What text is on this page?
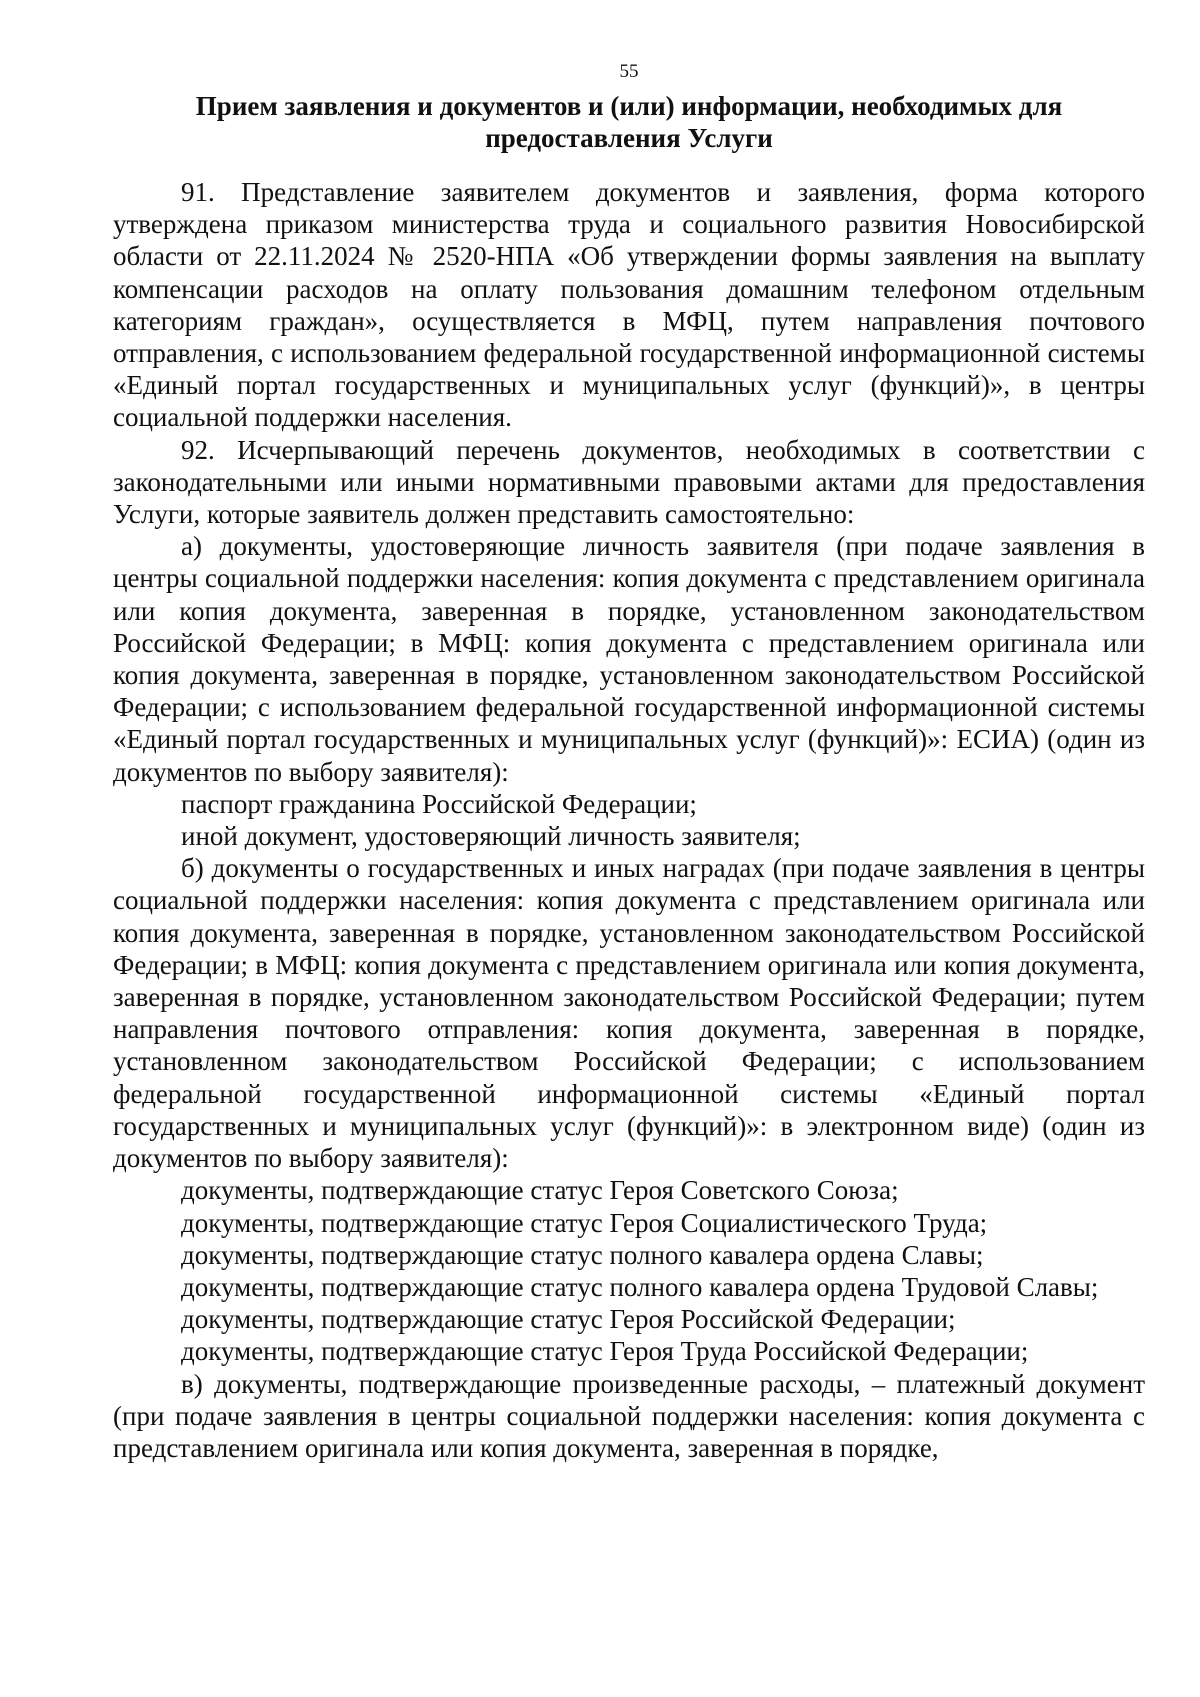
55
Прием заявления и документов и (или) информации, необходимых для
предоставления Услуги

91. Представление заявителем документов и заявления, форма которого утверждена приказом министерства труда и социального развития Новосибирской области от 22.11.2024 № 2520-НПА «Об утверждении формы заявления на выплату компенсации расходов на оплату пользования домашним телефоном отдельным категориям граждан», осуществляется в МФЦ, путем направления почтового отправления, с использованием федеральной государственной информационной системы «Единый портал государственных и муниципальных услуг (функций)», в центры социальной поддержки населения.

92. Исчерпывающий перечень документов, необходимых в соответствии с законодательными или иными нормативными правовыми актами для предоставления Услуги, которые заявитель должен представить самостоятельно:

а) документы, удостоверяющие личность заявителя (при подаче заявления в центры социальной поддержки населения: копия документа с представлением оригинала или копия документа, заверенная в порядке, установленном законодательством Российской Федерации; в МФЦ: копия документа с представлением оригинала или копия документа, заверенная в порядке, установленном законодательством Российской Федерации; с использованием федеральной государственной информационной системы «Единый портал государственных и муниципальных услуг (функций)»: ЕСИА) (один из документов по выбору заявителя):

паспорт гражданина Российской Федерации;

иной документ, удостоверяющий личность заявителя;

б) документы о государственных и иных наградах (при подаче заявления в центры социальной поддержки населения: копия документа с представлением оригинала или копия документа, заверенная в порядке, установленном законодательством Российской Федерации; в МФЦ: копия документа с представлением оригинала или копия документа, заверенная в порядке, установленном законодательством Российской Федерации; путем направления почтового отправления: копия документа, заверенная в порядке, установленном законодательством Российской Федерации; с использованием федеральной государственной информационной системы «Единый портал государственных и муниципальных услуг (функций)»: в электронном виде) (один из документов по выбору заявителя):

документы, подтверждающие статус Героя Советского Союза;

документы, подтверждающие статус Героя Социалистического Труда;

документы, подтверждающие статус полного кавалера ордена Славы;

документы, подтверждающие статус полного кавалера ордена Трудовой Славы;

документы, подтверждающие статус Героя Российской Федерации;

документы, подтверждающие статус Героя Труда Российской Федерации;

в) документы, подтверждающие произведенные расходы, – платежный документ (при подаче заявления в центры социальной поддержки населения: копия документа с представлением оригинала или копия документа, заверенная в порядке,
